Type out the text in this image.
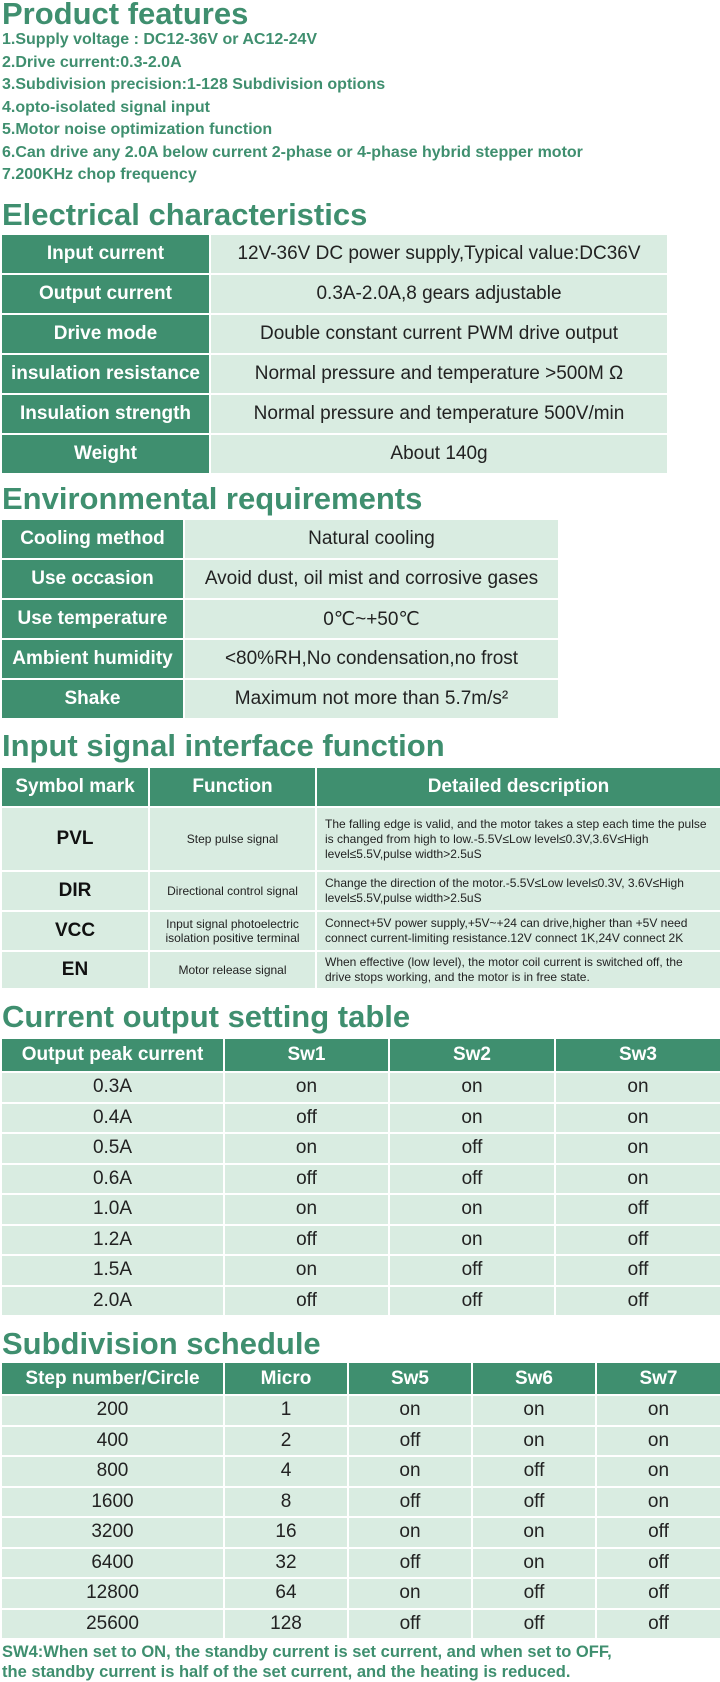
Product features
1.Supply voltage : DC12-36V or AC12-24V
2.Drive current:0.3-2.0A
3.Subdivision precision:1-128 Subdivision options
4.opto-isolated signal input
5.Motor noise optimization function
6.Can drive any 2.0A below current 2-phase or 4-phase hybrid stepper motor
7.200KHz chop frequency
Electrical characteristics
Input current	12V-36V DC power supply,Typical value:DC36V
Output current	0.3A-2.0A,8 gears adjustable
Drive mode	Double constant current PWM drive output
insulation resistance	Normal pressure and temperature >500M Ω
Insulation strength	Normal pressure and temperature 500V/min
Weight	About 140g
Environmental requirements
Cooling method	Natural cooling
Use occasion	Avoid dust, oil mist and corrosive gases
Use temperature	0℃~+50℃
Ambient humidity	<80%RH,No condensation,no frost
Shake	Maximum not more than 5.7m/s²
Input signal interface function
Symbol mark	Function	Detailed description
PVL	Step pulse signal	The falling edge is valid, and the motor takes a step each time the pulse is changed from high to low.-5.5V≤Low level≤0.3V,3.6V≤High level≤5.5V,pulse width>2.5uS
DIR	Directional control signal	Change the direction of the motor.-5.5V≤Low level≤0.3V, 3.6V≤High level≤5.5V,pulse width>2.5uS
VCC	Input signal photoelectric isolation positive terminal	Connect+5V power supply,+5V~+24 can drive,higher than +5V need connect current-limiting resistance.12V connect 1K,24V connect 2K
EN	Motor release signal	When effective (low level), the motor coil current is switched off, the drive stops working, and the motor is in free state.
Current output setting table
Output peak current	Sw1	Sw2	Sw3
0.3A	on	on	on
0.4A	off	on	on
0.5A	on	off	on
0.6A	off	off	on
1.0A	on	on	off
1.2A	off	on	off
1.5A	on	off	off
2.0A	off	off	off
Subdivision schedule
Step number/Circle	Micro	Sw5	Sw6	Sw7
200	1	on	on	on
400	2	off	on	on
800	4	on	off	on
1600	8	off	off	on
3200	16	on	on	off
6400	32	off	on	off
12800	64	on	off	off
25600	128	off	off	off
SW4:When set to ON, the standby current is set current, and when set to OFF,
the standby current is half of the set current, and the heating is reduced.
